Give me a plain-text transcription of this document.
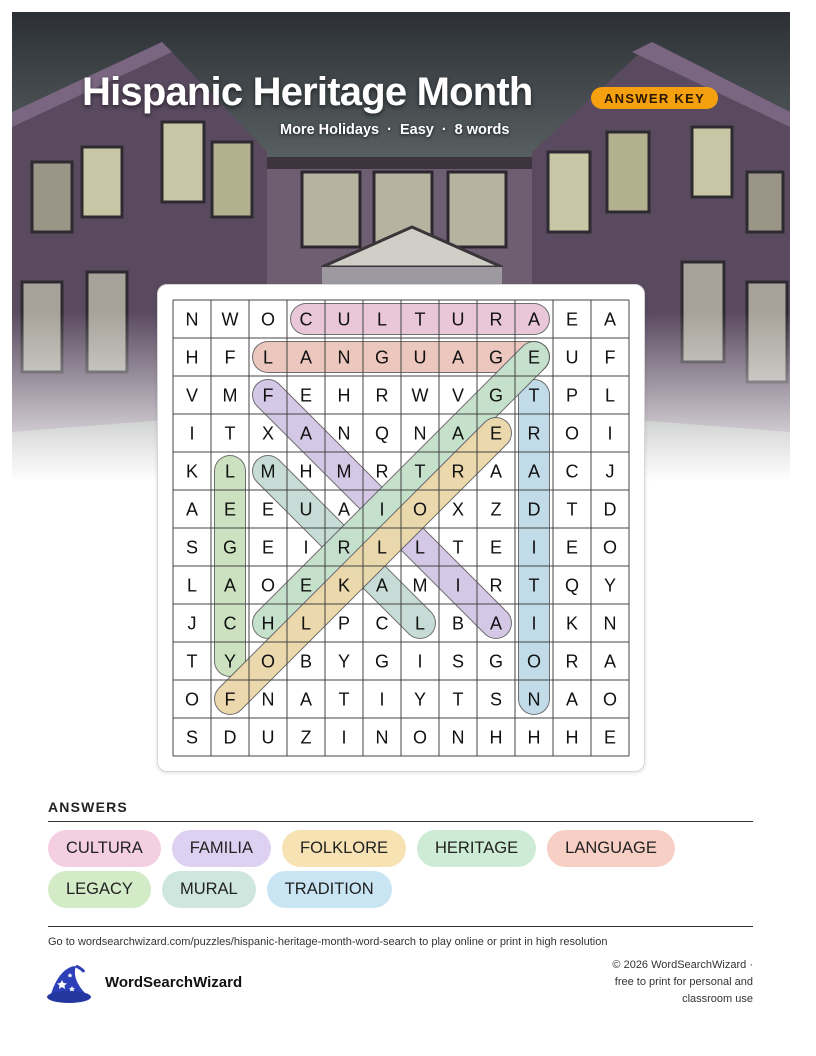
Hispanic Heritage Month	ANSWER KEY
More Holidays · Easy · 8 words
N W O C U L T U R A E A
H F L A N G U A G E U F
V M F E H R W V G T P L
I T X A N Q N A E R O I
K L M H M R T R A A C J
A E E U A I O X Z D T D
S G E I R L L T E I E O
L A O E K A M I R T Q Y
J C H L P C L B A I K N
T Y O B Y G I S G O R A
O F N A T I Y T S N A O
S D U Z I N O N H H H E
ANSWERS
CULTURA	FAMILIA	FOLKLORE	HERITAGE	LANGUAGE
LEGACY	MURAL	TRADITION
Go to wordsearchwizard.com/puzzles/hispanic-heritage-month-word-search to play online or print in high resolution
WordSearchWizard
© 2026 WordSearchWizard ·
free to print for personal and
classroom use
